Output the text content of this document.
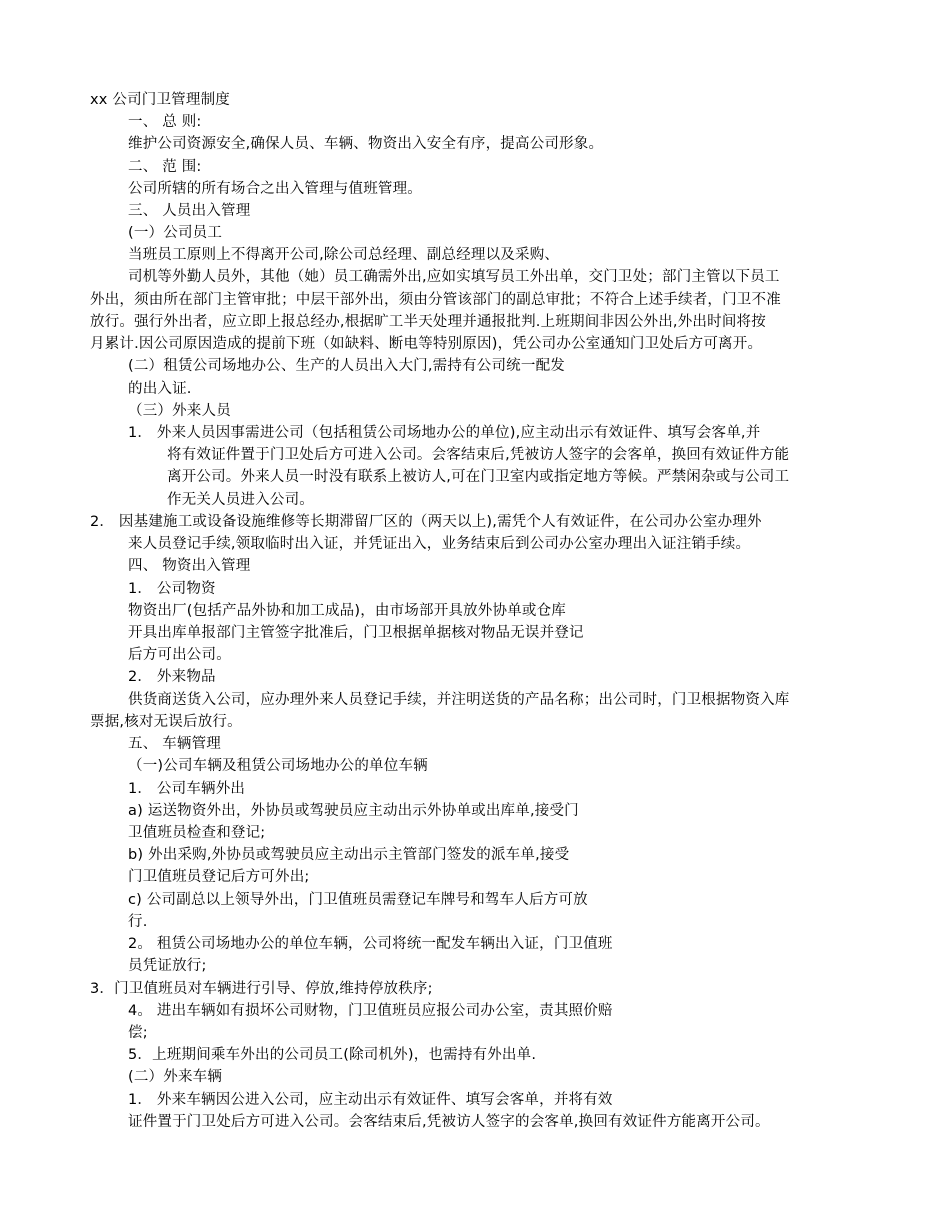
xx 公司门卫管理制度
一、 总 则:
维护公司资源安全,确保人员、车辆、物资出入安全有序，提高公司形象。
二、 范 围:
公司所辖的所有场合之出入管理与值班管理。
三、 人员出入管理
(一）公司员工
当班员工原则上不得离开公司,除公司总经理、副总经理以及采购、
司机等外勤人员外，其他（她）员工确需外出,应如实填写员工外出单，交门卫处；部门主管以下员工
外出，须由所在部门主管审批；中层干部外出，须由分管该部门的副总审批；不符合上述手续者，门卫不准
放行。强行外出者，应立即上报总经办,根据旷工半天处理并通报批判.上班期间非因公外出,外出时间将按
月累计.因公司原因造成的提前下班（如缺料、断电等特别原因)，凭公司办公室通知门卫处后方可离开。
(二）租赁公司场地办公、生产的人员出入大门,需持有公司统一配发
的出入证.
（三）外来人员
1． 外来人员因事需进公司（包括租赁公司场地办公的单位),应主动出示有效证件、填写会客单,并
将有效证件置于门卫处后方可进入公司。会客结束后,凭被访人签字的会客单，换回有效证件方能
离开公司。外来人员一时没有联系上被访人,可在门卫室内或指定地方等候。严禁闲杂或与公司工
作无关人员进入公司。
2． 因基建施工或设备设施维修等长期滞留厂区的（两天以上),需凭个人有效证件，在公司办公室办理外
来人员登记手续,领取临时出入证，并凭证出入，业务结束后到公司办公室办理出入证注销手续。
四、 物资出入管理
1． 公司物资
物资出厂(包括产品外协和加工成品)，由市场部开具放外协单或仓库
开具出库单报部门主管签字批准后，门卫根据单据核对物品无误并登记
后方可出公司。
2． 外来物品
供货商送货入公司，应办理外来人员登记手续，并注明送货的产品名称；出公司时，门卫根据物资入库
票据,核对无误后放行。
五、 车辆管理
（一)公司车辆及租赁公司场地办公的单位车辆
1． 公司车辆外出
a) 运送物资外出，外协员或驾驶员应主动出示外协单或出库单,接受门
卫值班员检查和登记;
b) 外出采购,外协员或驾驶员应主动出示主管部门签发的派车单,接受
门卫值班员登记后方可外出;
c) 公司副总以上领导外出，门卫值班员需登记车牌号和驾车人后方可放
行.
2。 租赁公司场地办公的单位车辆，公司将统一配发车辆出入证，门卫值班
员凭证放行;
3．门卫值班员对车辆进行引导、停放,维持停放秩序;
4。 进出车辆如有损坏公司财物，门卫值班员应报公司办公室，责其照价赔
偿;
5．上班期间乘车外出的公司员工(除司机外)，也需持有外出单.
(二）外来车辆
1． 外来车辆因公进入公司，应主动出示有效证件、填写会客单，并将有效
证件置于门卫处后方可进入公司。会客结束后,凭被访人签字的会客单,换回有效证件方能离开公司。
